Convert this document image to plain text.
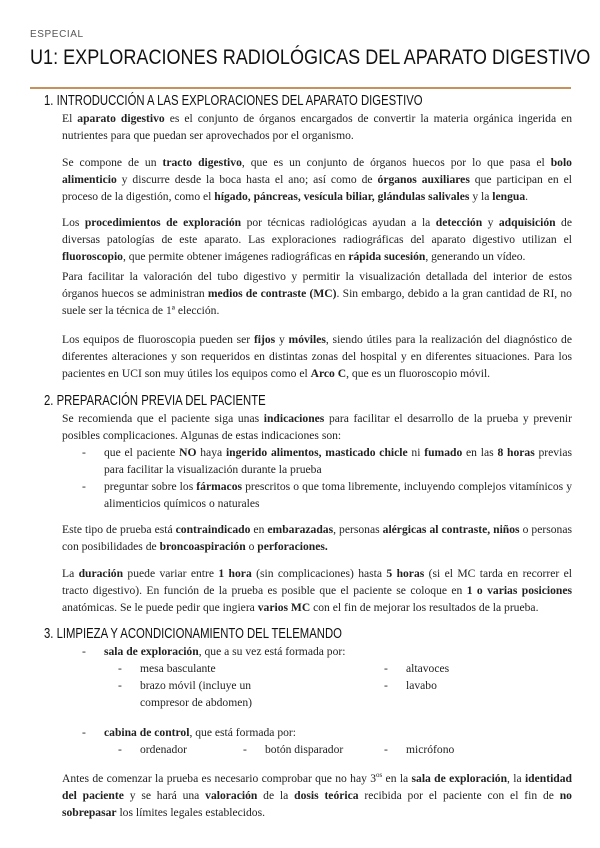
ESPECIAL
U1: EXPLORACIONES RADIOLÓGICAS DEL APARATO DIGESTIVO
1. INTRODUCCIÓN A LAS EXPLORACIONES DEL APARATO DIGESTIVO

El aparato digestivo es el conjunto de órganos encargados de convertir la materia orgánica ingerida en nutrientes para que puedan ser aprovechados por el organismo.

Se compone de un tracto digestivo, que es un conjunto de órganos huecos por lo que pasa el bolo alimenticio y discurre desde la boca hasta el ano; así como de órganos auxiliares que participan en el proceso de la digestión, como el hígado, páncreas, vesícula biliar, glándulas salivales y la lengua.

Los procedimientos de exploración por técnicas radiológicas ayudan a la detección y adquisición de diversas patologías de este aparato. Las exploraciones radiográficas del aparato digestivo utilizan el fluoroscopio, que permite obtener imágenes radiográficas en rápida sucesión, generando un vídeo.

Para facilitar la valoración del tubo digestivo y permitir la visualización detallada del interior de estos órganos huecos se administran medios de contraste (MC). Sin embargo, debido a la gran cantidad de RI, no suele ser la técnica de 1ª elección.

Los equipos de fluoroscopia pueden ser fijos y móviles, siendo útiles para la realización del diagnóstico de diferentes alteraciones y son requeridos en distintas zonas del hospital y en diferentes situaciones. Para los pacientes en UCI son muy útiles los equipos como el Arco C, que es un fluoroscopio móvil.

2. PREPARACIÓN PREVIA DEL PACIENTE

Se recomienda que el paciente siga unas indicaciones para facilitar el desarrollo de la prueba y prevenir posibles complicaciones. Algunas de estas indicaciones son:

- que el paciente NO haya ingerido alimentos, masticado chicle ni fumado en las 8 horas previas para facilitar la visualización durante la prueba
- preguntar sobre los fármacos prescritos o que toma libremente, incluyendo complejos vitamínicos y alimenticios químicos o naturales

Este tipo de prueba está contraindicado en embarazadas, personas alérgicas al contraste, niños o personas con posibilidades de broncoaspiración o perforaciones.

La duración puede variar entre 1 hora (sin complicaciones) hasta 5 horas (si el MC tarda en recorrer el tracto digestivo). En función de la prueba es posible que el paciente se coloque en 1 o varias posiciones anatómicas. Se le puede pedir que ingiera varios MC con el fin de mejorar los resultados de la prueba.

3. LIMPIEZA Y ACONDICIONAMIENTO DEL TELEMANDO
- sala de exploración, que a su vez está formada por:
- mesa basculante
- brazo móvil (incluye un
compresor de abdomen)
- altavoces
- lavabo
- cabina de control, que está formada por:
- ordenador	- botón disparador	- micrófono

Antes de comenzar la prueba es necesario comprobar que no hay $3^{os}$ en la sala de exploración, la identidad del paciente y se hará una valoración de la dosis teórica recibida por el paciente con el fin de no sobrepasar los límites legales establecidos.
